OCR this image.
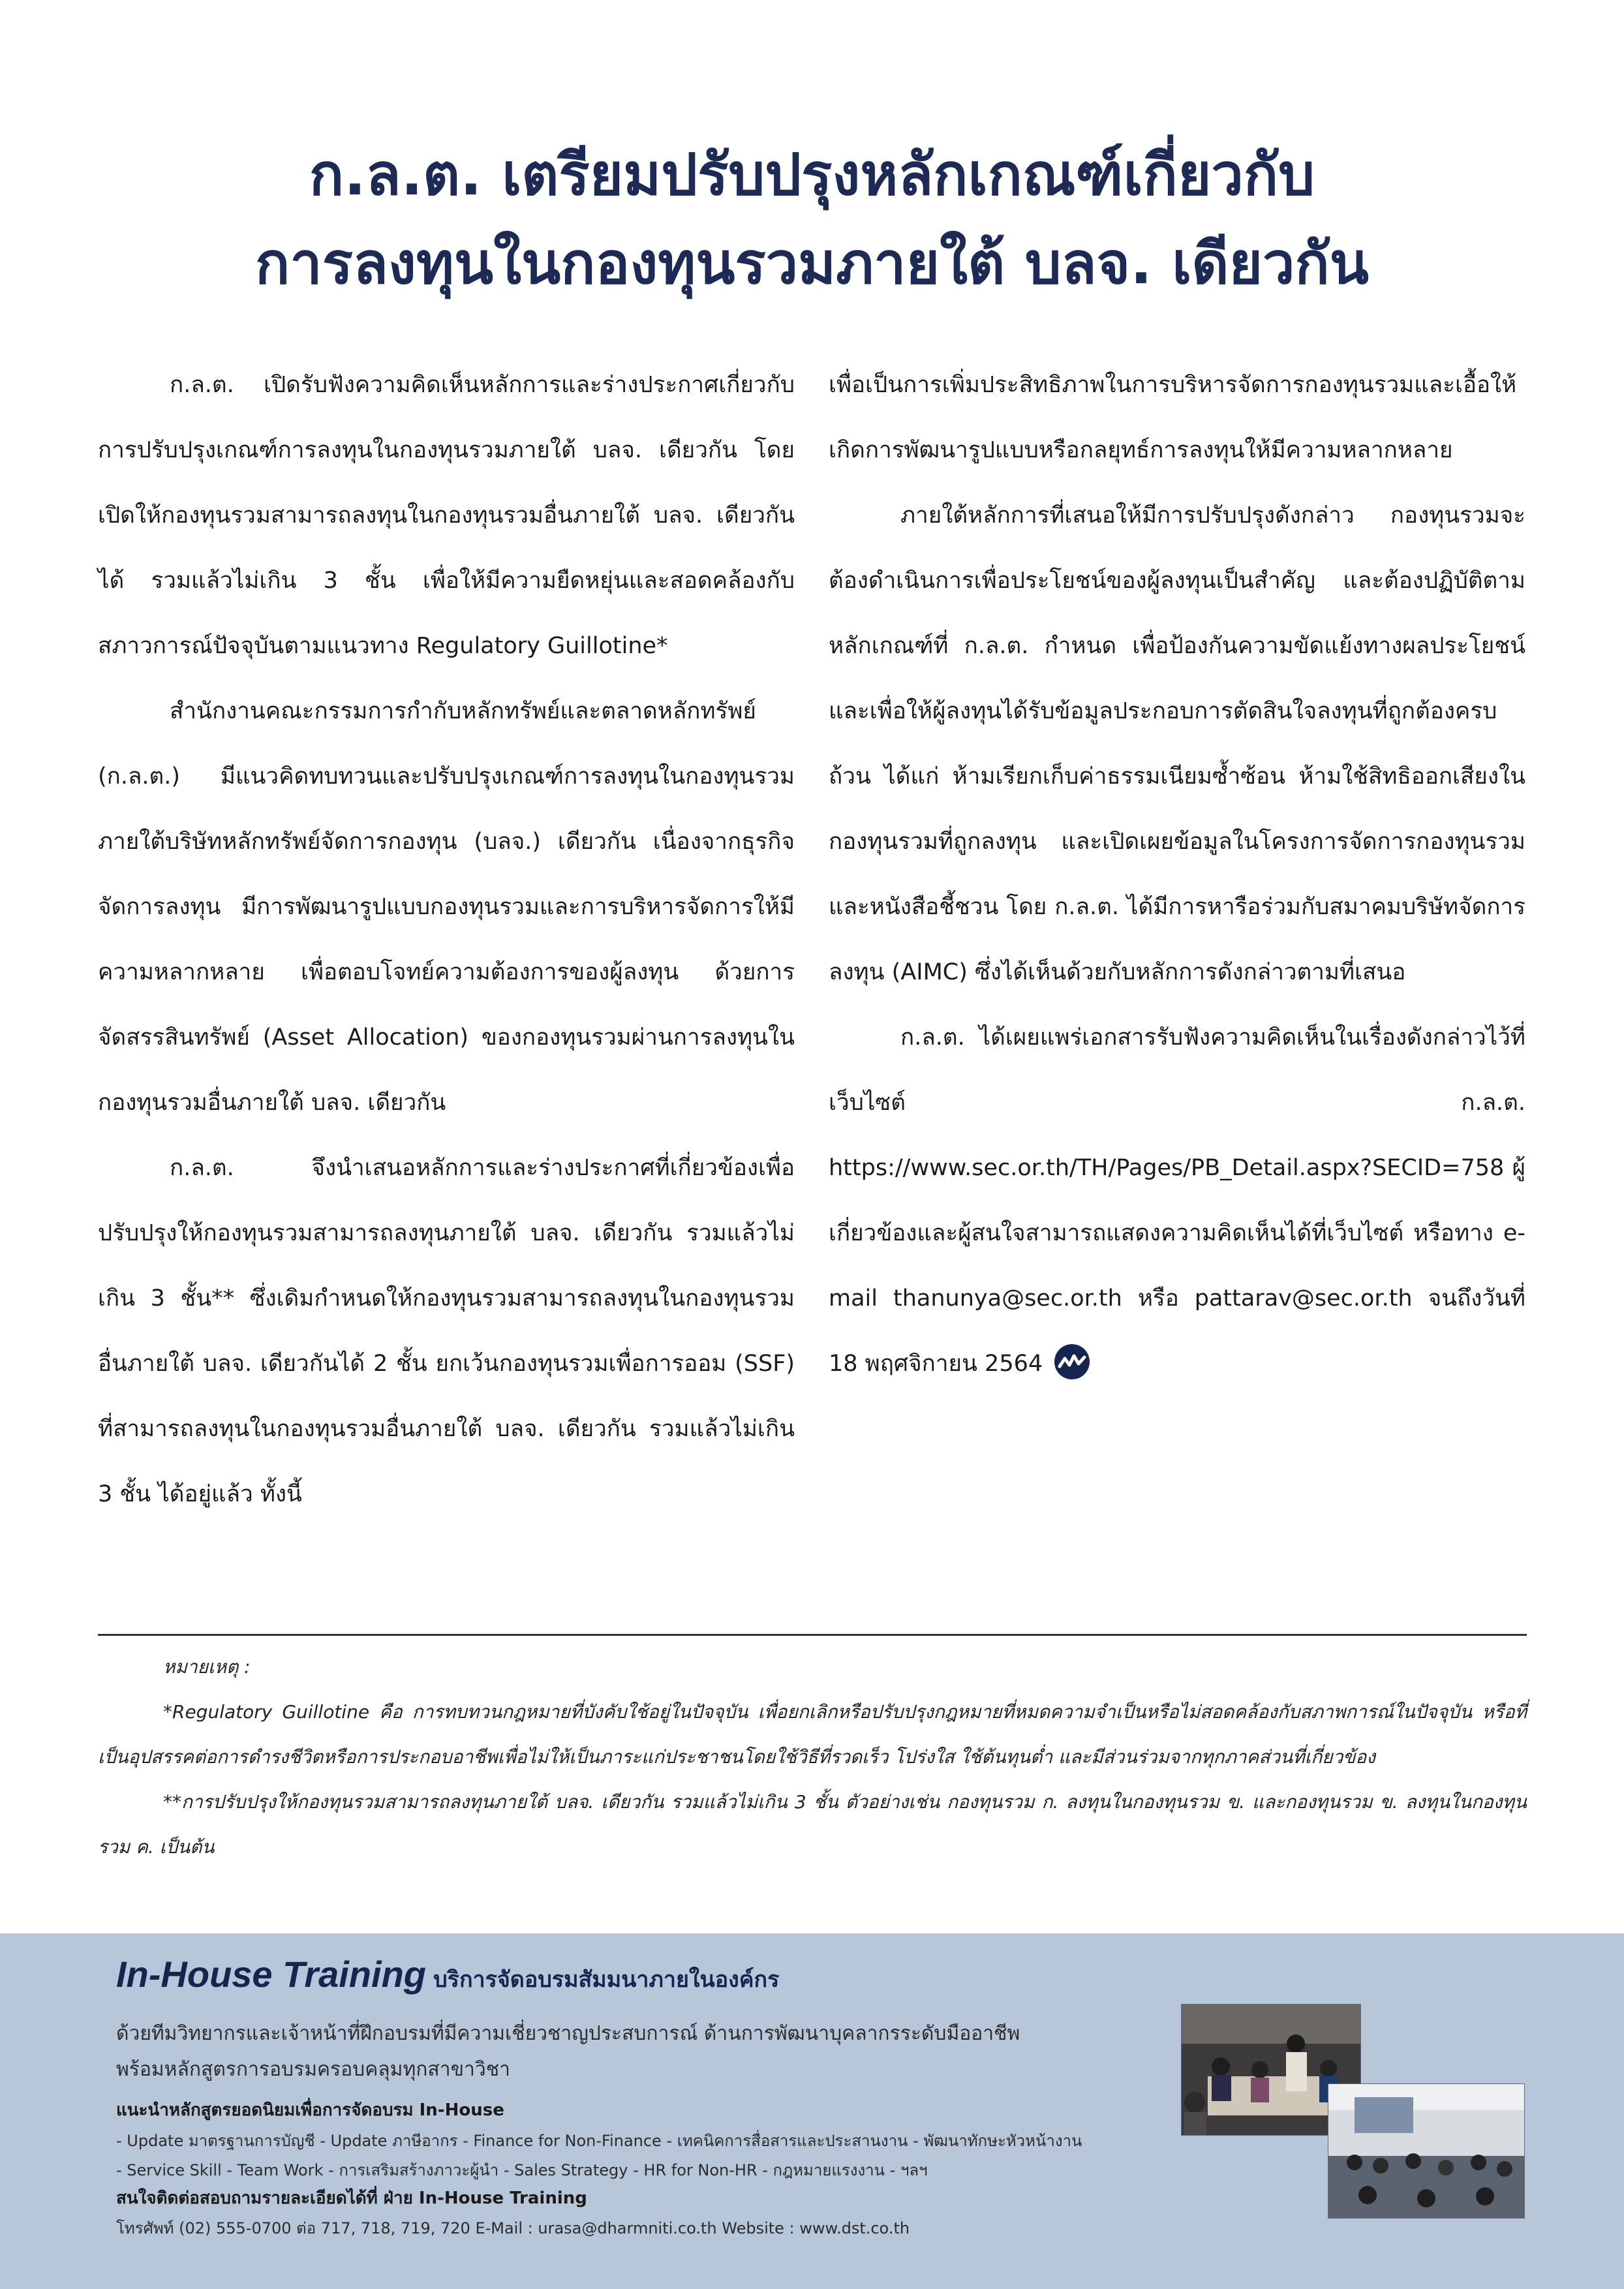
ก.ล.ต. เตรียมปรับปรุงหลักเกณฑ์เกี่ยวกับ
การลงทุนในกองทุนรวมภายใต้ บลจ. เดียวกัน

ก.ล.ต. เปิดรับฟังความคิดเห็นหลักการและร่างประกาศเกี่ยวกับการปรับปรุงเกณฑ์การลงทุนในกองทุนรวมภายใต้ บลจ. เดียวกัน โดยเปิดให้กองทุนรวมสามารถลงทุนในกองทุนรวมอื่นภายใต้ บลจ. เดียวกันได้ รวมแล้วไม่เกิน 3 ชั้น เพื่อให้มีความยืดหยุ่นและสอดคล้องกับสภาวการณ์ปัจจุบันตามแนวทาง Regulatory Guillotine*

สำนักงานคณะกรรมการกำกับหลักทรัพย์และตลาดหลักทรัพย์ (ก.ล.ต.) มีแนวคิดทบทวนและปรับปรุงเกณฑ์การลงทุนในกองทุนรวมภายใต้บริษัทหลักทรัพย์จัดการกองทุน (บลจ.) เดียวกัน เนื่องจากธุรกิจจัดการลงทุน มีการพัฒนารูปแบบกองทุนรวมและการบริหารจัดการให้มีความหลากหลาย เพื่อตอบโจทย์ความต้องการของผู้ลงทุน ด้วยการจัดสรรสินทรัพย์ (Asset Allocation) ของกองทุนรวมผ่านการลงทุนในกองทุนรวมอื่นภายใต้ บลจ. เดียวกัน

ก.ล.ต. จึงนำเสนอหลักการและร่างประกาศที่เกี่ยวข้องเพื่อปรับปรุงให้กองทุนรวมสามารถลงทุนภายใต้ บลจ. เดียวกัน รวมแล้วไม่เกิน 3 ชั้น** ซึ่งเดิมกำหนดให้กองทุนรวมสามารถลงทุนในกองทุนรวมอื่นภายใต้ บลจ. เดียวกันได้ 2 ชั้น ยกเว้นกองทุนรวมเพื่อการออม (SSF) ที่สามารถลงทุนในกองทุนรวมอื่นภายใต้ บลจ. เดียวกัน รวมแล้วไม่เกิน 3 ชั้น ได้อยู่แล้ว ทั้งนี้

เพื่อเป็นการเพิ่มประสิทธิภาพในการบริหารจัดการกองทุนรวมและเอื้อให้เกิดการพัฒนารูปแบบหรือกลยุทธ์การลงทุนให้มีความหลากหลาย

ภายใต้หลักการที่เสนอให้มีการปรับปรุงดังกล่าว กองทุนรวมจะต้องดำเนินการเพื่อประโยชน์ของผู้ลงทุนเป็นสำคัญ และต้องปฏิบัติตามหลักเกณฑ์ที่ ก.ล.ต. กำหนด เพื่อป้องกันความขัดแย้งทางผลประโยชน์และเพื่อให้ผู้ลงทุนได้รับข้อมูลประกอบการตัดสินใจลงทุนที่ถูกต้องครบถ้วน ได้แก่ ห้ามเรียกเก็บค่าธรรมเนียมซ้ำซ้อน ห้ามใช้สิทธิออกเสียงในกองทุนรวมที่ถูกลงทุน และเปิดเผยข้อมูลในโครงการจัดการกองทุนรวมและหนังสือชี้ชวน โดย ก.ล.ต. ได้มีการหารือร่วมกับสมาคมบริษัทจัดการลงทุน (AIMC) ซึ่งได้เห็นด้วยกับหลักการดังกล่าวตามที่เสนอ

ก.ล.ต. ได้เผยแพร่เอกสารรับฟังความคิดเห็นในเรื่องดังกล่าวไว้ที่เว็บไซต์ ก.ล.ต. https://www.sec.or.th/TH/Pages/PB_Detail.aspx?SECID=758 ผู้เกี่ยวข้องและผู้สนใจสามารถแสดงความคิดเห็นได้ที่เว็บไซต์ หรือทาง e-mail thanunya@sec.or.th หรือ pattarav@sec.or.th จนถึงวันที่ 18 พฤศจิกายน 2564

หมายเหตุ :

*Regulatory Guillotine คือ การทบทวนกฎหมายที่บังคับใช้อยู่ในปัจจุบัน เพื่อยกเลิกหรือปรับปรุงกฎหมายที่หมดความจำเป็นหรือไม่สอดคล้องกับสภาพการณ์ในปัจจุบัน หรือที่เป็นอุปสรรคต่อการดำรงชีวิตหรือการประกอบอาชีพเพื่อไม่ให้เป็นภาระแก่ประชาชนโดยใช้วิธีที่รวดเร็ว โปร่งใส ใช้ต้นทุนต่ำ และมีส่วนร่วมจากทุกภาคส่วนที่เกี่ยวข้อง

**การปรับปรุงให้กองทุนรวมสามารถลงทุนภายใต้ บลจ. เดียวกัน รวมแล้วไม่เกิน 3 ชั้น ตัวอย่างเช่น กองทุนรวม ก. ลงทุนในกองทุนรวม ข. และกองทุนรวม ข. ลงทุนในกองทุนรวม ค. เป็นต้น

In-House Training บริการจัดอบรมสัมมนาภายในองค์กร
ด้วยทีมวิทยากรและเจ้าหน้าที่ฝึกอบรมที่มีความเชี่ยวชาญประสบการณ์ ด้านการพัฒนาบุคลากรระดับมืออาชีพ
พร้อมหลักสูตรการอบรมครอบคลุมทุกสาขาวิชา
แนะนำหลักสูตรยอดนิยมเพื่อการจัดอบรม In-House
- Update มาตรฐานการบัญชี - Update ภาษีอากร - Finance for Non-Finance - เทคนิคการสื่อสารและประสานงาน - พัฒนาทักษะหัวหน้างาน
- Service Skill - Team Work - การเสริมสร้างภาวะผู้นำ - Sales Strategy - HR for Non-HR - กฎหมายแรงงาน - ฯลฯ
สนใจติดต่อสอบถามรายละเอียดได้ที่ ฝ่าย In-House Training
โทรศัพท์ (02) 555-0700 ต่อ 717, 718, 719, 720 E-Mail : urasa@dharmniti.co.th Website : www.dst.co.th
